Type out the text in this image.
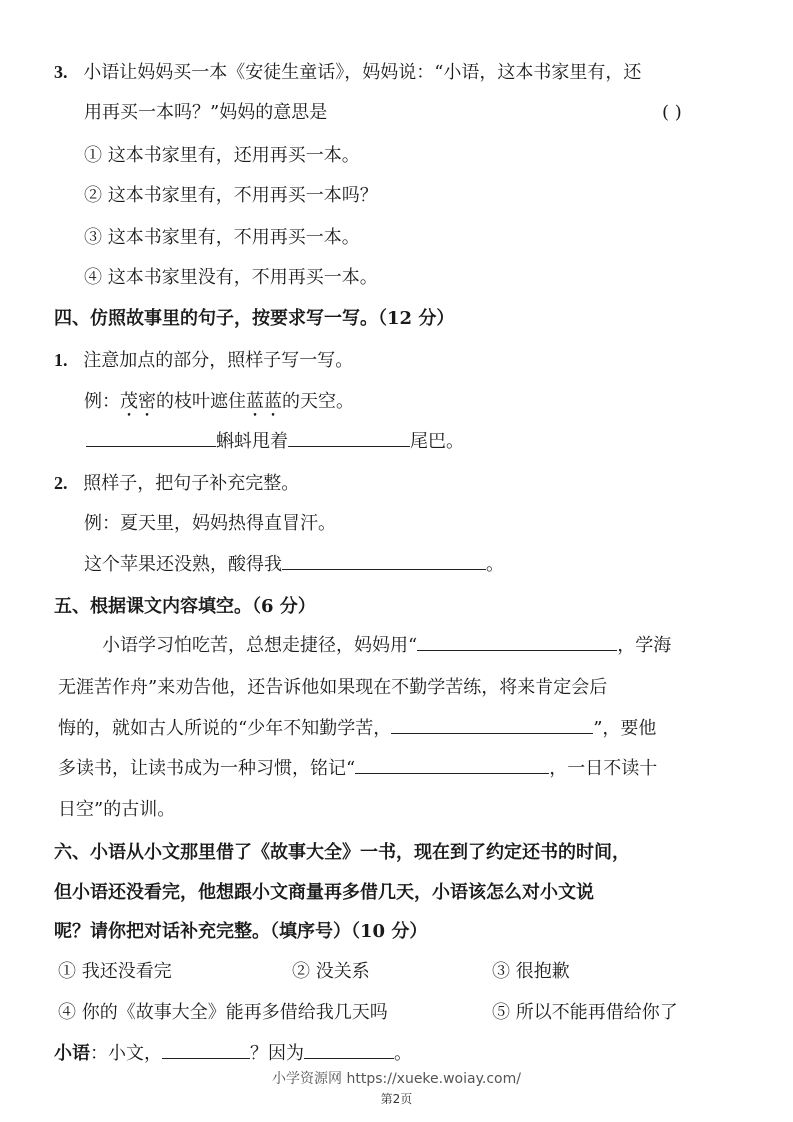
3. 小语让妈妈买一本《安徒生童话》，妈妈说：“小语，这本书家里有，还
用再买一本吗？”妈妈的意思是	( )
① 这本书家里有，还用再买一本。
② 这本书家里有，不用再买一本吗？
③ 这本书家里有，不用再买一本。
④ 这本书家里没有，不用再买一本。
四、仿照故事里的句子，按要求写一写。（12 分）
1. 注意加点的部分，照样子写一写。
例：茂密的枝叶遮住蓝蓝的天空。
蝌蚪甩着	尾巴。
2. 照样子，把句子补充完整。
例：夏天里，妈妈热得直冒汗。
这个苹果还没熟，酸得我	。
五、根据课文内容填空。（6 分）
小语学习怕吃苦，总想走捷径，妈妈用“	，学海
无涯苦作舟”来劝告他，还告诉他如果现在不勤学苦练，将来肯定会后
悔的，就如古人所说的“少年不知勤学苦，	”，要他
多读书，让读书成为一种习惯，铭记“	，一日不读十
日空”的古训。
六、小语从小文那里借了《故事大全》一书，现在到了约定还书的时间，
但小语还没看完，他想跟小文商量再多借几天，小语该怎么对小文说
呢？请你把对话补充完整。（填序号）（10 分）
① 我还没看完	② 没关系	③ 很抱歉
④ 你的《故事大全》能再多借给我几天吗	⑤ 所以不能再借给你了
小语：小文，	？因为	。
小学资源网 https://xueke.woiay.com/
第2页
